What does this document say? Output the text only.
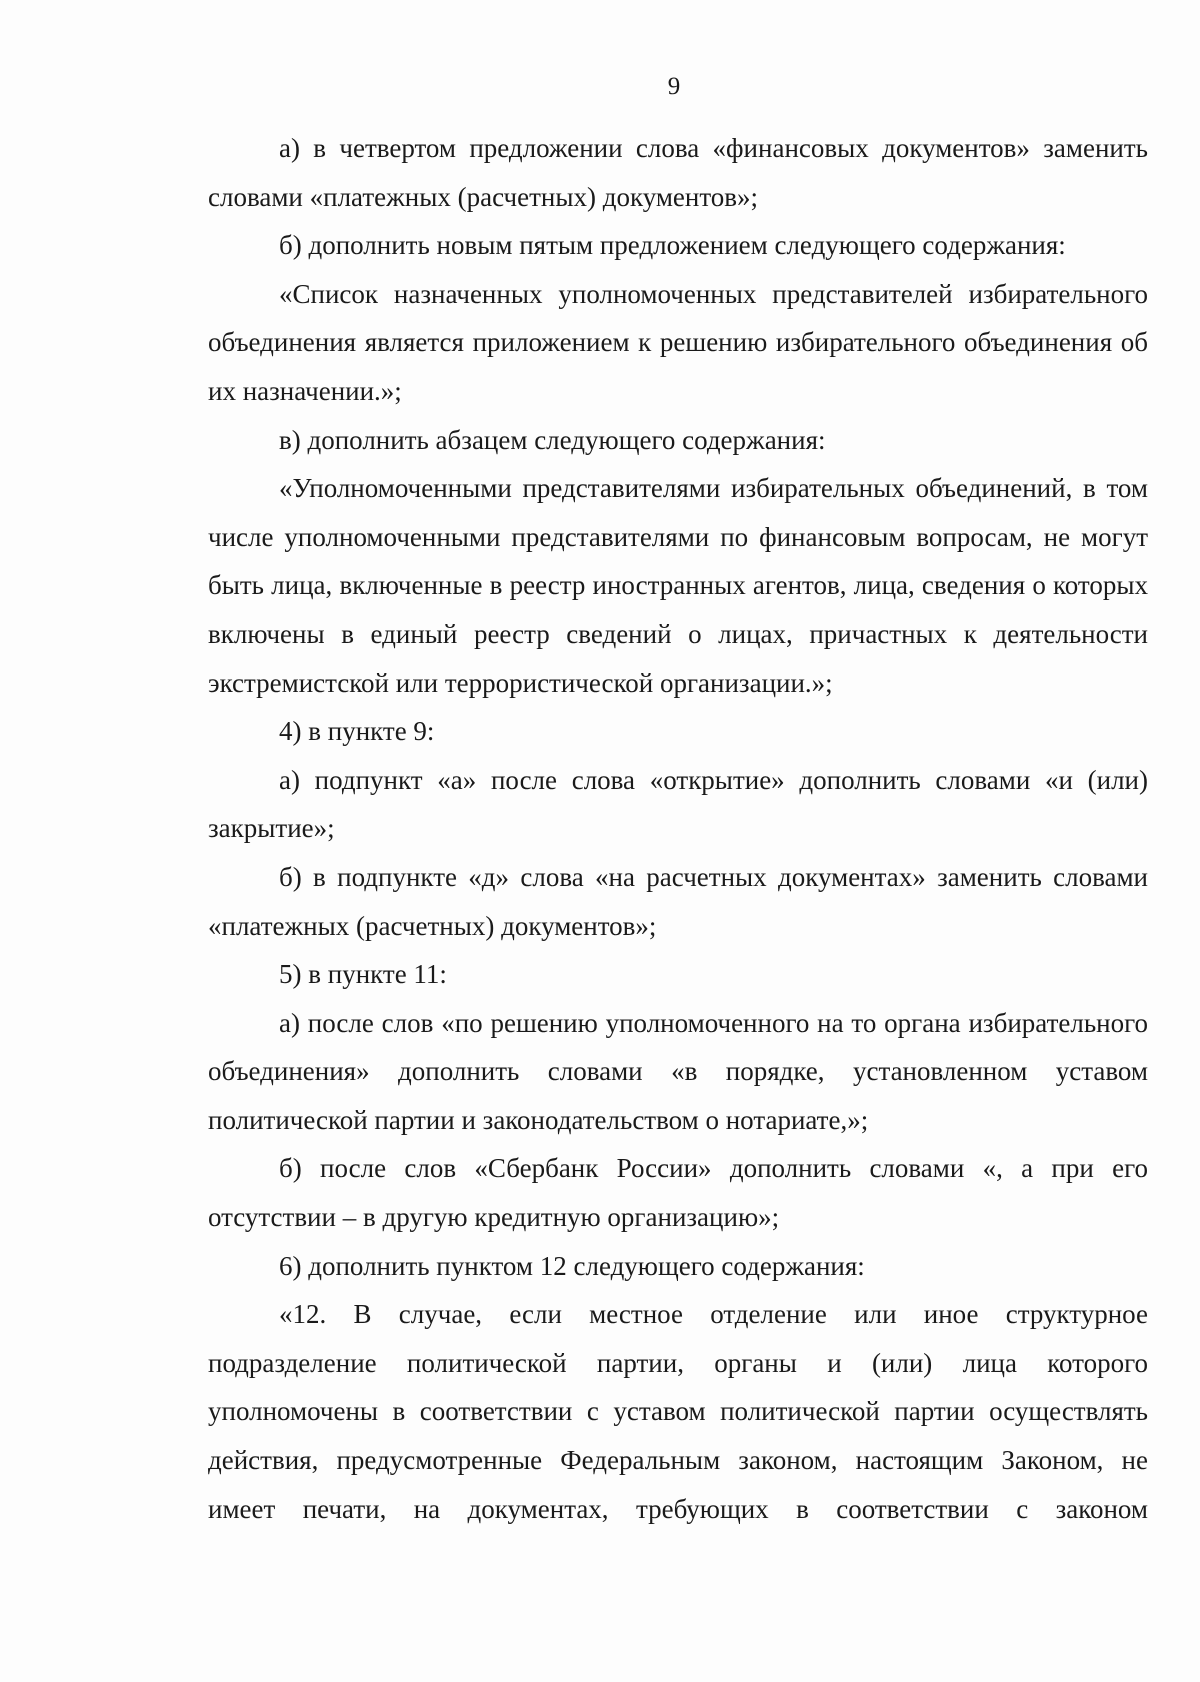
9

а) в четвертом предложении слова «финансовых документов» заменить словами «платежных (расчетных) документов»;

б) дополнить новым пятым предложением следующего содержания:

«Список назначенных уполномоченных представителей избирательного объединения является приложением к решению избирательного объединения об их назначении.»;

в) дополнить абзацем следующего содержания:

«Уполномоченными представителями избирательных объединений, в том числе уполномоченными представителями по финансовым вопросам, не могут быть лица, включенные в реестр иностранных агентов, лица, сведения о которых включены в единый реестр сведений о лицах, причастных к деятельности экстремистской или террористической организации.»;

4) в пункте 9:

а) подпункт «а» после слова «открытие» дополнить словами «и (или) закрытие»;

б) в подпункте «д» слова «на расчетных документах» заменить словами «платежных (расчетных) документов»;

5) в пункте 11:

а) после слов «по решению уполномоченного на то органа избирательного объединения» дополнить словами «в порядке, установленном уставом политической партии и законодательством о нотариате,»;

б) после слов «Сбербанк России» дополнить словами «, а при его отсутствии – в другую кредитную организацию»;

6) дополнить пунктом 12 следующего содержания:

«12. В случае, если местное отделение или иное структурное подразделение политической партии, органы и (или) лица которого уполномочены в соответствии с уставом политической партии осуществлять действия, предусмотренные Федеральным законом, настоящим Законом, не имеет печати, на документах, требующих в соответствии с законом
